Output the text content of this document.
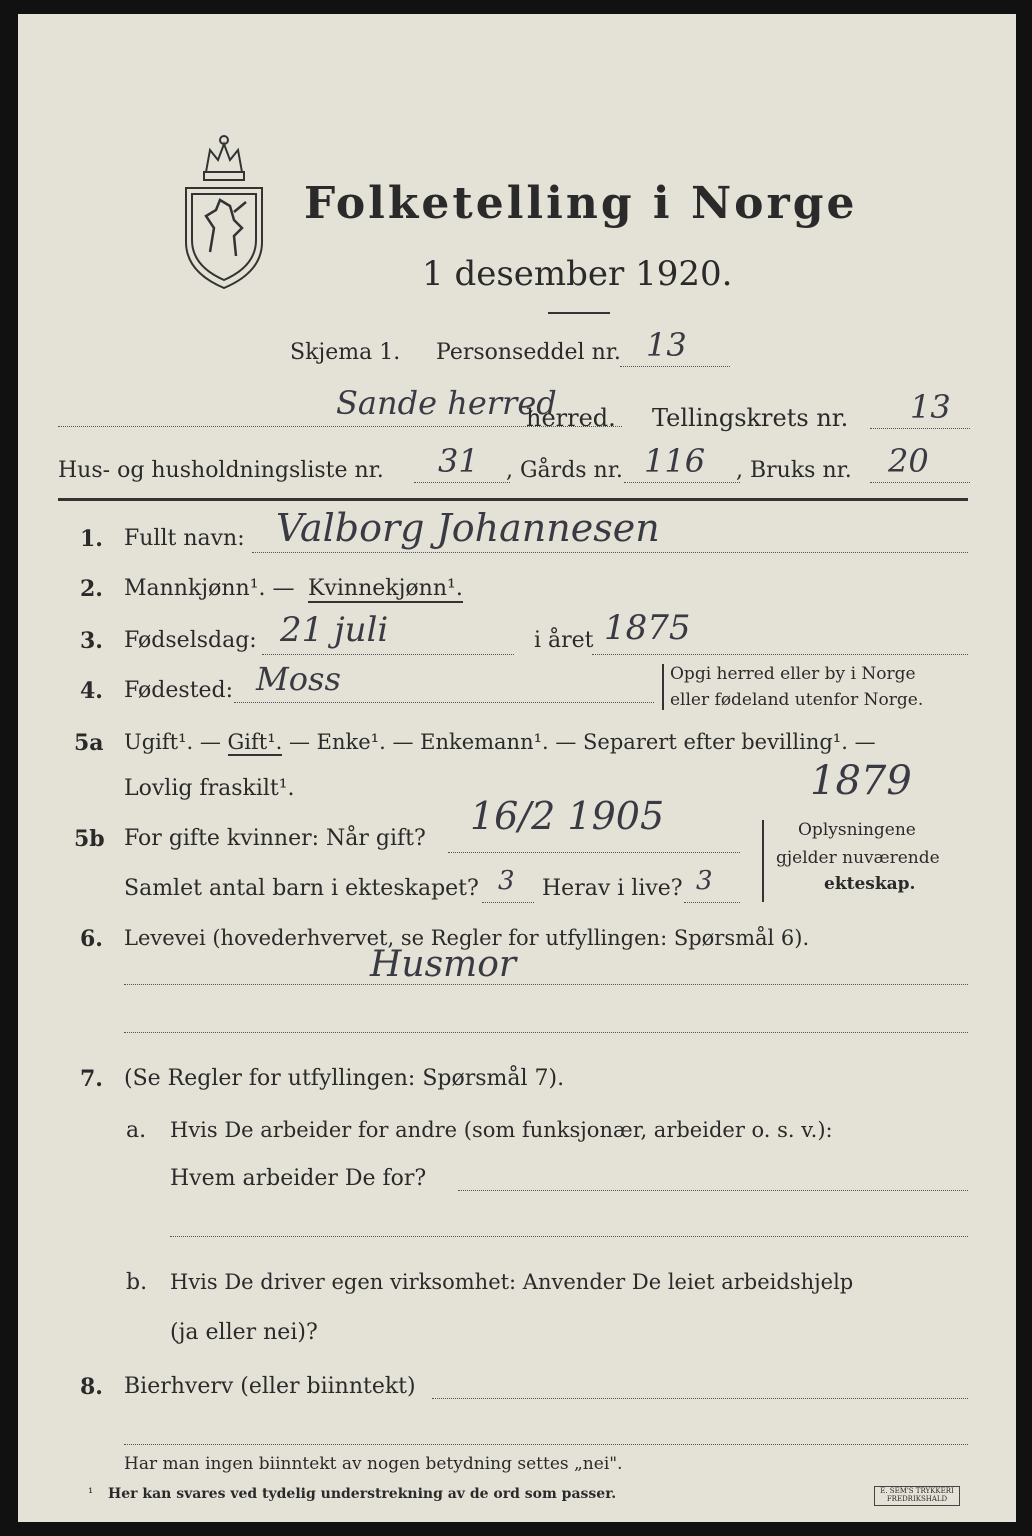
Folketelling i Norge
1 desember 1920.
Skjema 1. Personseddel nr. 13
Sande herred
herred. Tellingskrets nr. 13
Hus- og husholdningsliste nr. 31 , Gårds nr. 116 , Bruks nr. 20
1. Fullt navn: Valborg Johannesen
2. Mannkjønn¹. — Kvinnekjønn¹.
3. Fødselsdag: 21 juli	i året 1875
4. Fødested: Moss	Opgi herred eller by i Norge
eller fødeland utenfor Norge.
5a Ugift¹. — Gift¹. — Enke¹. — Enkemann¹. — Separert efter bevilling¹. —
Lovlig fraskilt¹.	1879
5b For gifte kvinner: Når gift?
16/2 1905
Samlet antal barn i ekteskapet? 3 Herav i live? 3
Oplysningene
gjelder nuværende
ekteskap.
6. Levevei (hovederhvervet, se Regler for utfyllingen: Spørsmål 6).
Husmor
7. (Se Regler for utfyllingen: Spørsmål 7).
a. Hvis De arbeider for andre (som funksjonær, arbeider o. s. v.):
Hvem arbeider De for?
b. Hvis De driver egen virksomhet: Anvender De leiet arbeidshjelp
(ja eller nei)?
8. Bierhverv (eller biinntekt)
Har man ingen biinntekt av nogen betydning settes „nei".
¹ Her kan svares ved tydelig understrekning av de ord som passer.	E. SEM'S TRYKKERI
FREDRIKSHALD
